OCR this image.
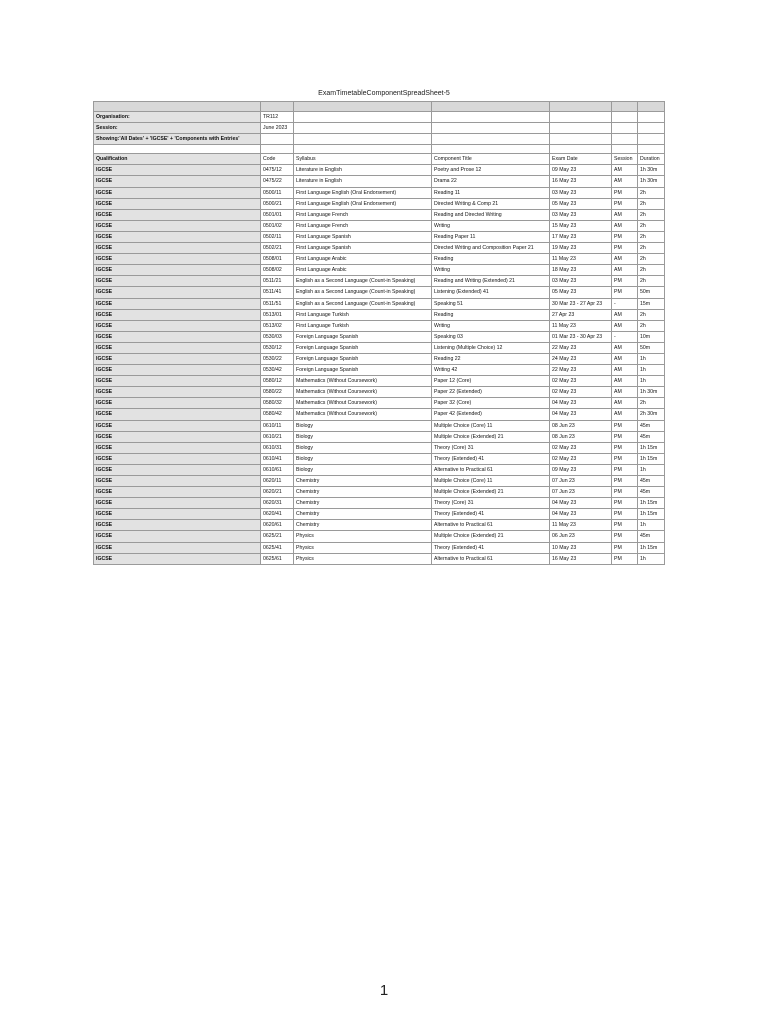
ExamTimetableComponentSpreadSheet-5

Organisation:	TR112					
Session:	June 2023					
Showing:'All Dates' + 'IGCSE' + 'Components with Entries'						

Qualification	Code	Syllabus	Component Title	Exam Date	Session	Duration
IGCSE	0475/12	Literature in English	Poetry and Prose 12	09 May 23	AM	1h 30m
IGCSE	0475/22	Literature in English	Drama 22	16 May 23	AM	1h 30m
IGCSE	0500/11	First Language English (Oral Endorsement)	Reading 11	03 May 23	PM	2h
IGCSE	0500/21	First Language English (Oral Endorsement)	Directed Writing & Comp 21	05 May 23	PM	2h
IGCSE	0501/01	First Language French	Reading and Directed Writing	03 May 23	AM	2h
IGCSE	0501/02	First Language French	Writing	15 May 23	AM	2h
IGCSE	0502/11	First Language Spanish	Reading Paper 11	17 May 23	PM	2h
IGCSE	0502/21	First Language Spanish	Directed Writing and Composition Paper 21	19 May 23	PM	2h
IGCSE	0508/01	First Language Arabic	Reading	11 May 23	AM	2h
IGCSE	0508/02	First Language Arabic	Writing	18 May 23	AM	2h
IGCSE	0511/21	English as a Second Language (Count-in Speaking)	Reading and Writing (Extended) 21	03 May 23	PM	2h
IGCSE	0511/41	English as a Second Language (Count-in Speaking)	Listening (Extended) 41	05 May 23	PM	50m
IGCSE	0511/51	English as a Second Language (Count-in Speaking)	Speaking 51	30 Mar 23 - 27 Apr 23	-	15m
IGCSE	0513/01	First Language Turkish	Reading	27 Apr 23	AM	2h
IGCSE	0513/02	First Language Turkish	Writing	11 May 23	AM	2h
IGCSE	0530/03	Foreign Language Spanish	Speaking 03	01 Mar 23 - 30 Apr 23	-	10m
IGCSE	0530/12	Foreign Language Spanish	Listening (Multiple Choice) 12	22 May 23	AM	50m
IGCSE	0530/22	Foreign Language Spanish	Reading 22	24 May 23	AM	1h
IGCSE	0530/42	Foreign Language Spanish	Writing 42	22 May 23	AM	1h
IGCSE	0580/12	Mathematics (Without Coursework)	Paper 12 (Core)	02 May 23	AM	1h
IGCSE	0580/22	Mathematics (Without Coursework)	Paper 22 (Extended)	02 May 23	AM	1h 30m
IGCSE	0580/32	Mathematics (Without Coursework)	Paper 32 (Core)	04 May 23	AM	2h
IGCSE	0580/42	Mathematics (Without Coursework)	Paper 42 (Extended)	04 May 23	AM	2h 30m
IGCSE	0610/11	Biology	Multiple Choice (Core) 11	08 Jun 23	PM	45m
IGCSE	0610/21	Biology	Multiple Choice (Extended) 21	08 Jun 23	PM	45m
IGCSE	0610/31	Biology	Theory (Core) 31	02 May 23	PM	1h 15m
IGCSE	0610/41	Biology	Theory (Extended) 41	02 May 23	PM	1h 15m
IGCSE	0610/61	Biology	Alternative to Practical 61	09 May 23	PM	1h
IGCSE	0620/11	Chemistry	Multiple Choice (Core) 11	07 Jun 23	PM	45m
IGCSE	0620/21	Chemistry	Multiple Choice (Extended) 21	07 Jun 23	PM	45m
IGCSE	0620/31	Chemistry	Theory (Core) 31	04 May 23	PM	1h 15m
IGCSE	0620/41	Chemistry	Theory (Extended) 41	04 May 23	PM	1h 15m
IGCSE	0620/61	Chemistry	Alternative to Practical 61	11 May 23	PM	1h
IGCSE	0625/21	Physics	Multiple Choice (Extended) 21	06 Jun 23	PM	45m
IGCSE	0625/41	Physics	Theory (Extended) 41	10 May 23	PM	1h 15m
IGCSE	0625/61	Physics	Alternative to Practical 61	16 May 23	PM	1h
1
